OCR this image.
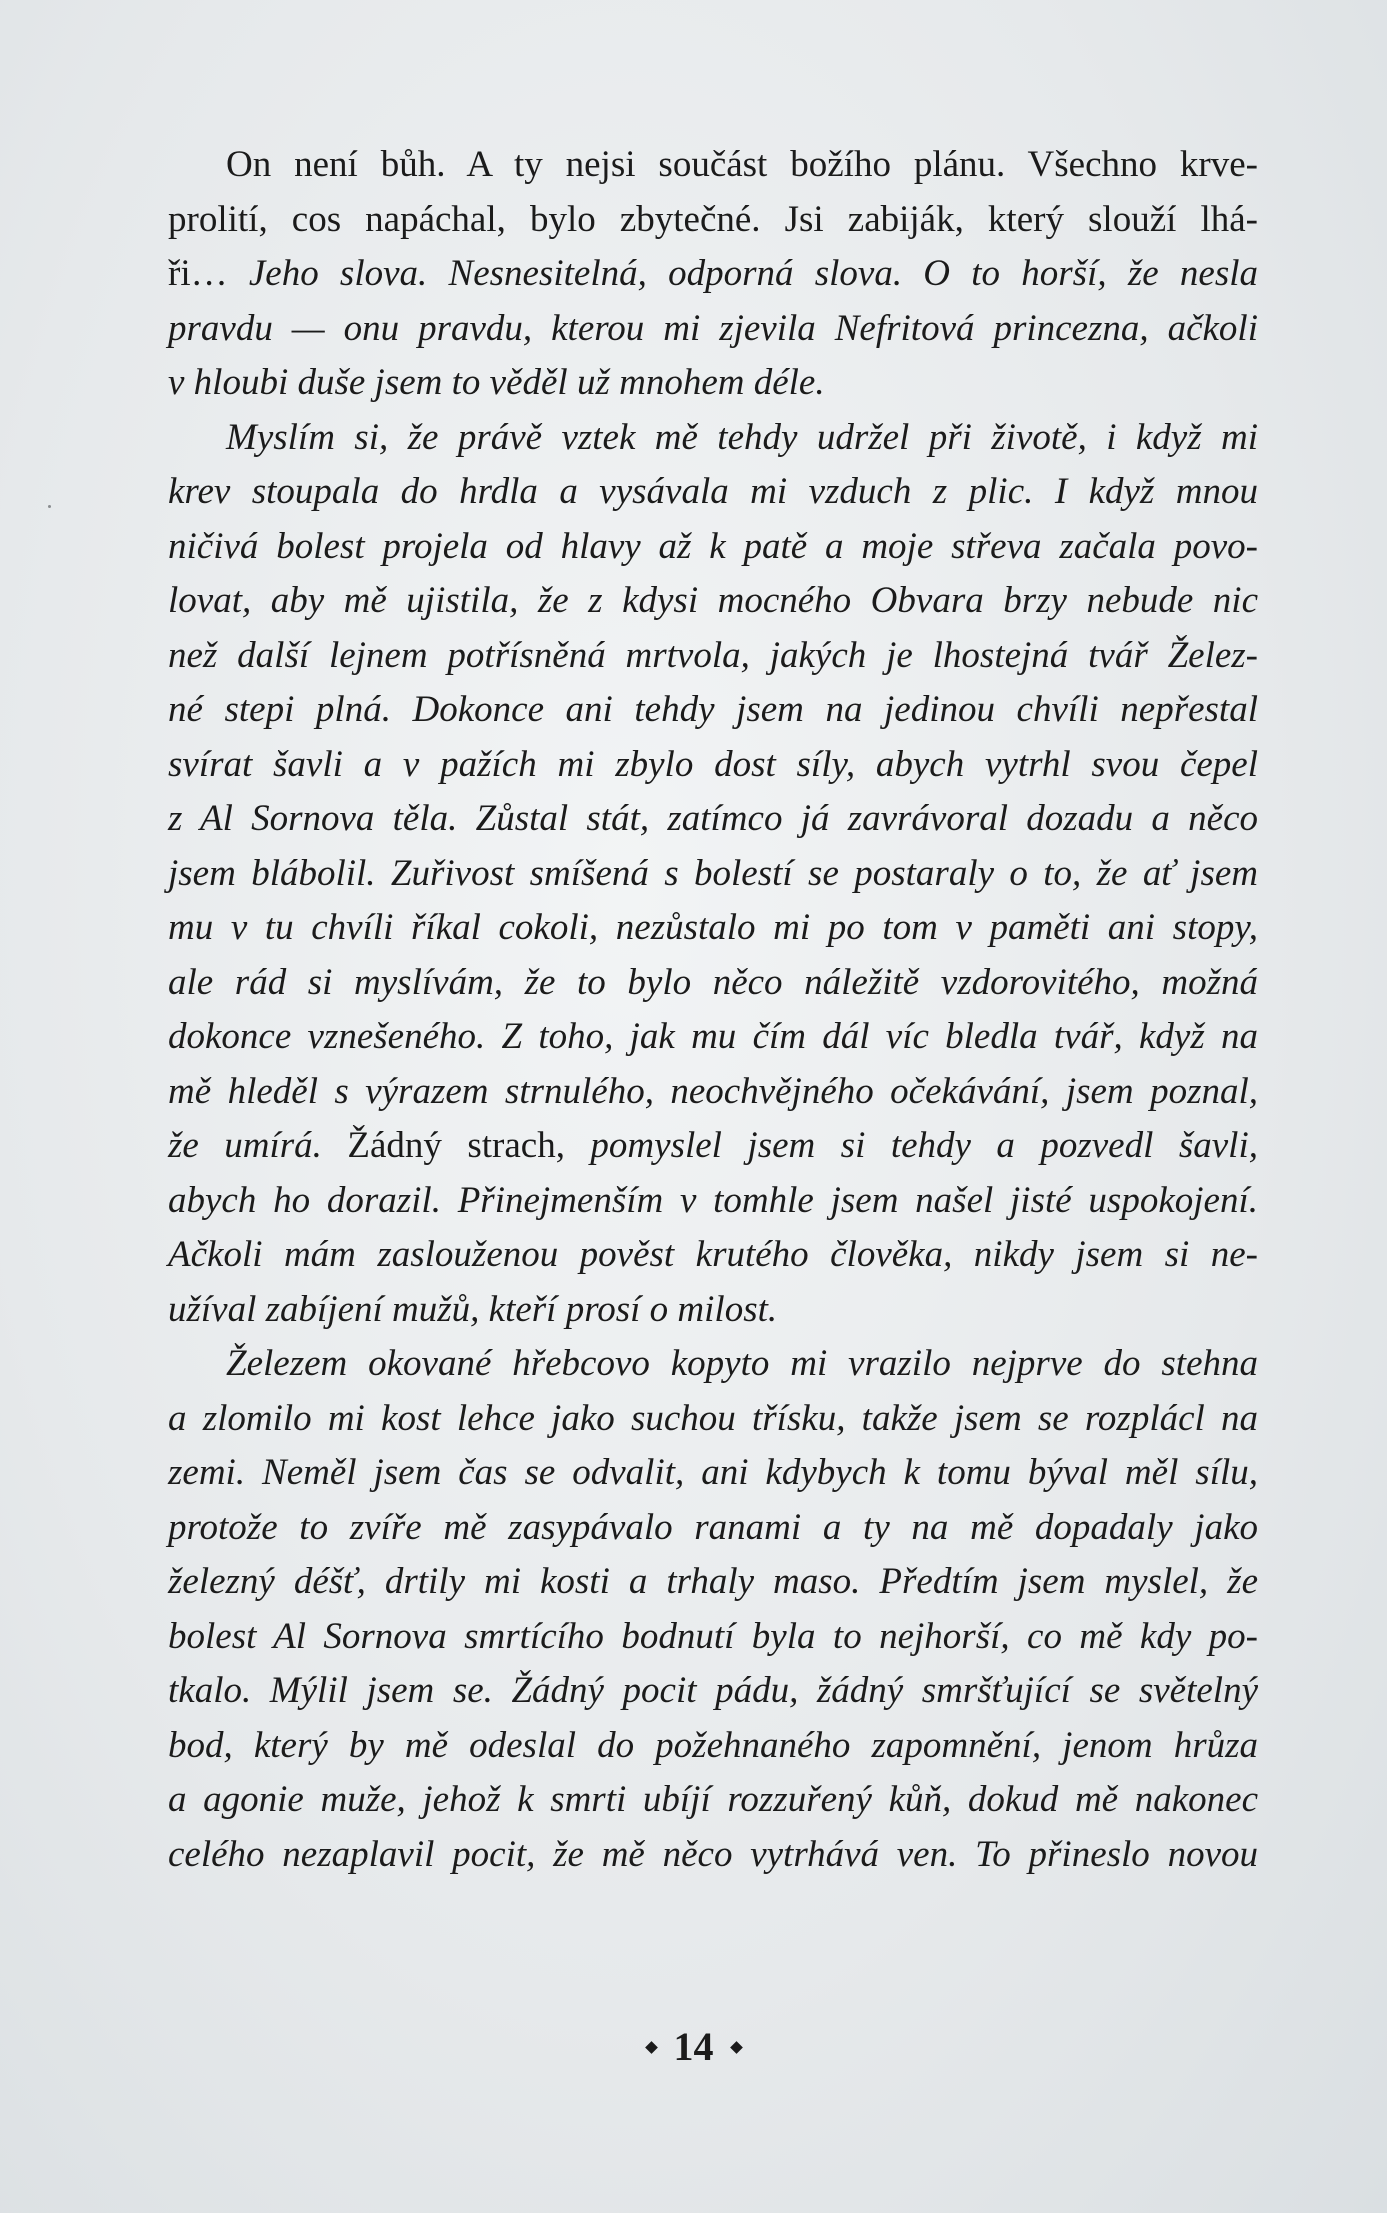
On není bůh. A ty nejsi součást božího plánu. Všechno krve-
prolití, cos napáchal, bylo zbytečné. Jsi zabiják, který slouží lhá-
ři… Jeho slova. Nesnesitelná, odporná slova. O to horší, že nesla
pravdu — onu pravdu, kterou mi zjevila Nefritová princezna, ačkoli
v hloubi duše jsem to věděl už mnohem déle.
Myslím si, že právě vztek mě tehdy udržel při životě, i když mi
krev stoupala do hrdla a vysávala mi vzduch z plic. I když mnou
ničivá bolest projela od hlavy až k patě a moje střeva začala povo-
lovat, aby mě ujistila, že z kdysi mocného Obvara brzy nebude nic
než další lejnem potřísněná mrtvola, jakých je lhostejná tvář Želez-
né stepi plná. Dokonce ani tehdy jsem na jedinou chvíli nepřestal
svírat šavli a v pažích mi zbylo dost síly, abych vytrhl svou čepel
z Al Sornova těla. Zůstal stát, zatímco já zavrávoral dozadu a něco
jsem blábolil. Zuřivost smíšená s bolestí se postaraly o to, že ať jsem
mu v tu chvíli říkal cokoli, nezůstalo mi po tom v paměti ani stopy,
ale rád si myslívám, že to bylo něco náležitě vzdorovitého, možná
dokonce vznešeného. Z toho, jak mu čím dál víc bledla tvář, když na
mě hleděl s výrazem strnulého, neochvějného očekávání, jsem poznal,
že umírá. Žádný strach, pomyslel jsem si tehdy a pozvedl šavli,
abych ho dorazil. Přinejmenším v tomhle jsem našel jisté uspokojení.
Ačkoli mám zaslouženou pověst krutého člověka, nikdy jsem si ne-
užíval zabíjení mužů, kteří prosí o milost.
Železem okované hřebcovo kopyto mi vrazilo nejprve do stehna
a zlomilo mi kost lehce jako suchou třísku, takže jsem se rozplácl na
zemi. Neměl jsem čas se odvalit, ani kdybych k tomu býval měl sílu,
protože to zvíře mě zasypávalo ranami a ty na mě dopadaly jako
železný déšť, drtily mi kosti a trhaly maso. Předtím jsem myslel, že
bolest Al Sornova smrtícího bodnutí byla to nejhorší, co mě kdy po-
tkalo. Mýlil jsem se. Žádný pocit pádu, žádný smršťující se světelný
bod, který by mě odeslal do požehnaného zapomnění, jenom hrůza
a agonie muže, jehož k smrti ubíjí rozzuřený kůň, dokud mě nakonec
celého nezaplavil pocit, že mě něco vytrhává ven. To přineslo novou
14
